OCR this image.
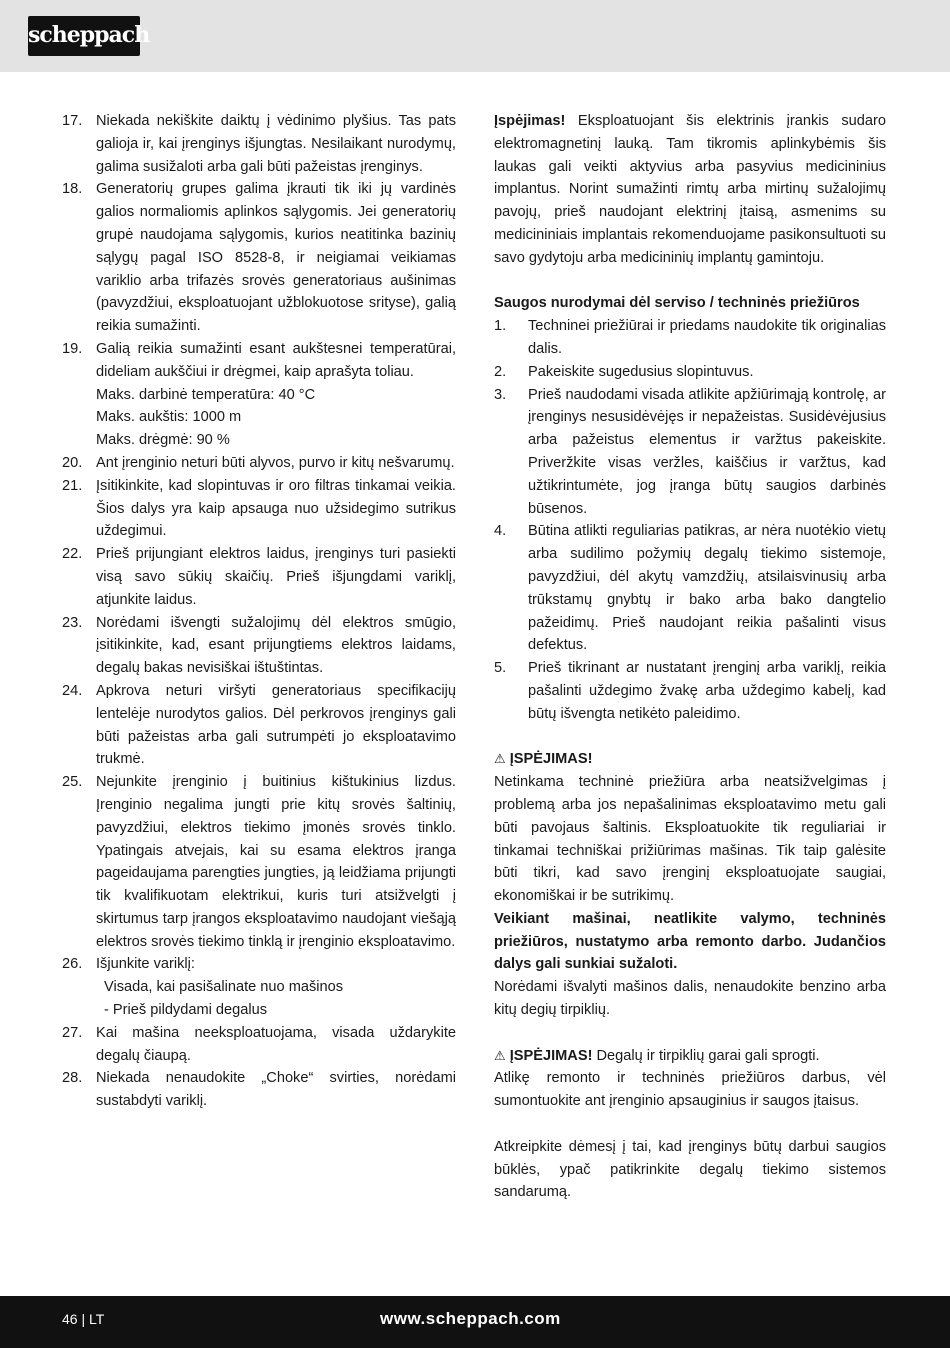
scheppach
17. Niekada nekiškite daiktų į vėdinimo plyšius. Tas pats galioja ir, kai įrenginys išjungtas. Nesilaikant nurodymų, galima susižaloti arba gali būti pažeistas įrenginys.
18. Generatorių grupes galima įkrauti tik iki jų vardinės galios normaliomis aplinkos sąlygomis. Jei generatorių grupė naudojama sąlygomis, kurios neatitinka bazinių sąlygų pagal ISO 8528-8, ir neigiamai veikiamas variklio arba trifazės srovės generatoriaus aušinimas (pavyzdžiui, eksploatuojant užblokuotose srityse), galią reikia sumažinti.
19. Galią reikia sumažinti esant aukštesnei temperatūrai, dideliam aukščiui ir drėgmei, kaip aprašyta toliau.
Maks. darbinė temperatūra: 40 °C
Maks. aukštis: 1000 m
Maks. drėgmė: 90 %
20. Ant įrenginio neturi būti alyvos, purvo ir kitų nešvarumų.
21. Įsitikinkite, kad slopintuvas ir oro filtras tinkamai veikia. Šios dalys yra kaip apsauga nuo užsidegimo sutrikus uždegimui.
22. Prieš prijungiant elektros laidus, įrenginys turi pasiekti visą savo sūkių skaičių. Prieš išjungdami variklį, atjunkite laidus.
23. Norėdami išvengti sužalojimų dėl elektros smūgio, įsitikinkite, kad, esant prijungtiems elektros laidams, degalų bakas nevisiškai ištuštintas.
24. Apkrova neturi viršyti generatoriaus specifikacijų lentelėje nurodytos galios. Dėl perkrovos įrenginys gali būti pažeistas arba gali sutrumpėti jo eksploatavimo trukmė.
25. Nejunkite įrenginio į buitinius kištukinius lizdus. Įrenginio negalima jungti prie kitų srovės šaltinių, pavyzdžiui, elektros tiekimo įmonės srovės tinklo. Ypatingais atvejais, kai su esama elektros įranga pageidaujama parengties jungties, ją leidžiama prijungti tik kvalifikuotam elektrikui, kuris turi atsižvelgti į skirtumus tarp įrangos eksploatavimo naudojant viešąją elektros srovės tiekimo tinklą ir įrenginio eksploatavimo.
26. Išjunkite variklį:
Visada, kai pasišalinate nuo mašinos
- Prieš pildydami degalus
27. Kai mašina neeksploatuojama, visada uždarykite degalų čiaupą.
28. Niekada nenaudokite „Choke“ svirties, norėdami sustabdyti variklį.

Įspėjimas! Eksploatuojant šis elektrinis įrankis sudaro elektromagnetinį lauką. Tam tikromis aplinkybėmis šis laukas gali veikti aktyvius arba pasyvius medicininius implantus. Norint sumažinti rimtų arba mirtinų sužalojimų pavojų, prieš naudojant elektrinį įtaisą, asmenims su medicininiais implantais rekomenduojame pasikonsultuoti su savo gydytoju arba medicininių implantų gamintoju.

Saugos nurodymai dėl serviso / techninės priežiūros

1.	Techninei priežiūrai ir priedams naudokite tik originalias dalis.
2.	Pakeiskite sugedusius slopintuvus.
3.	Prieš naudodami visada atlikite apžiūrimąją kontrolę, ar įrenginys nesusidėvėjęs ir nepažeistas. Susidėvėjusius arba pažeistus elementus ir varžtus pakeiskite. Priveržkite visas veržles, kaiščius ir varžtus, kad užtikrintumėte, jog įranga būtų saugios darbinės būsenos.
4.	Būtina atlikti reguliarias patikras, ar nėra nuotėkio vietų arba sudilimo požymių degalų tiekimo sistemoje, pavyzdžiui, dėl akytų vamzdžių, atsilaisvinusių arba trūkstamų gnybtų ir bako arba bako dangtelio pažeidimų. Prieš naudojant reikia pašalinti visus defektus.
5.	Prieš tikrinant ar nustatant įrenginį arba variklį, reikia pašalinti uždegimo žvakę arba uždegimo kabelį, kad būtų išvengta netikėto paleidimo.

⚠ ĮSPĖJIMAS!

Netinkama techninė priežiūra arba neatsižvelgimas į problemą arba jos nepašalinimas eksploatavimo metu gali būti pavojaus šaltinis. Eksploatuokite tik reguliariai ir tinkamai techniškai prižiūrimas mašinas. Tik taip galėsite būti tikri, kad savo įrenginį eksploatuojate saugiai, ekonomiškai ir be sutrikimų.

Veikiant mašinai, neatlikite valymo, techninės priežiūros, nustatymo arba remonto darbo. Judančios dalys gali sunkiai sužaloti.

Norėdami išvalyti mašinos dalis, nenaudokite benzino arba kitų degių tirpiklių.

⚠ ĮSPĖJIMAS! Degalų ir tirpiklių garai gali sprogti.

Atlikę remonto ir techninės priežiūros darbus, vėl sumontuokite ant įrenginio apsauginius ir saugos įtaisus.

Atkreipkite dėmesį į tai, kad įrenginys būtų darbui saugios būklės, ypač patikrinkite degalų tiekimo sistemos sandarumą.

46 | LT	www.scheppach.com
